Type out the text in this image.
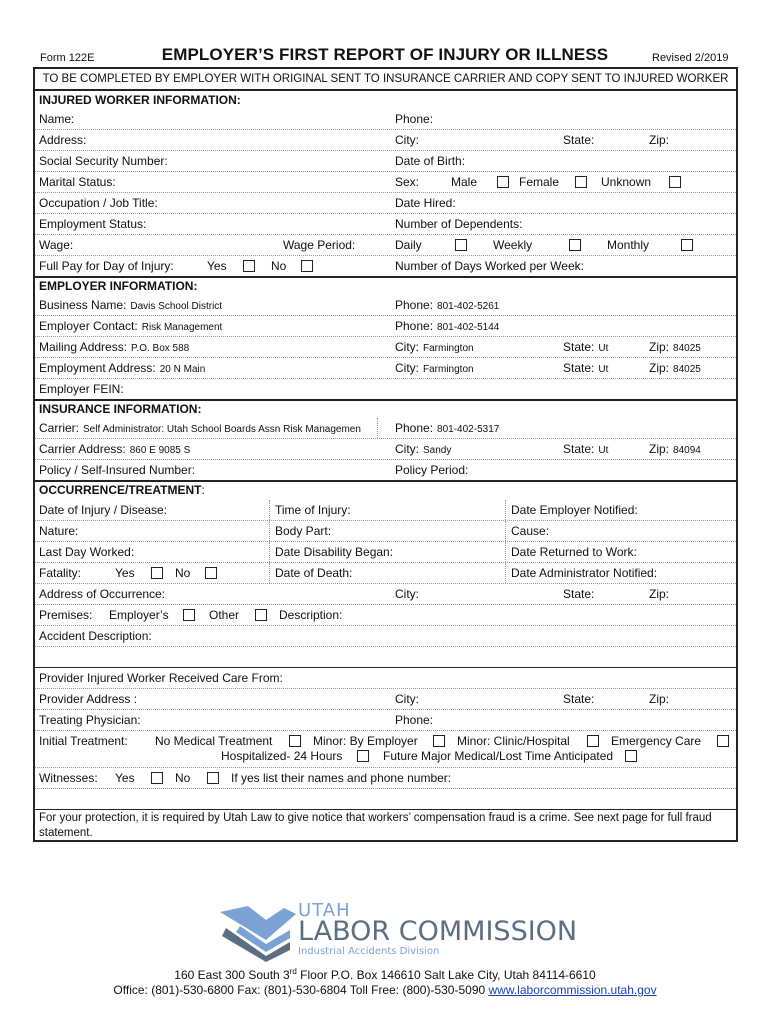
Form 122E	EMPLOYER’S FIRST REPORT OF INJURY OR ILLNESS	Revised 2/2019
TO BE COMPLETED BY EMPLOYER WITH ORIGINAL SENT TO INSURANCE CARRIER AND COPY SENT TO INJURED WORKER
INJURED WORKER INFORMATION:
Name:	Phone:
Address:	City:	State:	Zip:
Social Security Number:	Date of Birth:
Marital Status:	Sex:	Male	Female	Unknown
Occupation / Job Title:	Date Hired:
Employment Status:	Number of Dependents:
Wage:	Wage Period:	Daily	Weekly	Monthly
Full Pay for Day of Injury:	Yes	No	Number of Days Worked per Week:
EMPLOYER INFORMATION:
Business Name: Davis School District	Phone: 801-402-5261
Employer Contact: Risk Management	Phone: 801-402-5144
Mailing Address: P.O. Box 588	City: Farmington	State: Ut	Zip: 84025
Employment Address: 20 N Main	City: Farmington	State: Ut	Zip: 84025
Employer FEIN:
INSURANCE INFORMATION:
Carrier: Self Administrator: Utah School Boards Assn Risk Managemen	Phone: 801-402-5317
Carrier Address: 860 E 9085 S	City: Sandy	State: Ut	Zip: 84094
Policy / Self-Insured Number:	Policy Period:
OCCURRENCE/TREATMENT:
Date of Injury / Disease:	Time of Injury:	Date Employer Notified:
Nature:	Body Part:	Cause:
Last Day Worked:	Date Disability Began:	Date Returned to Work:
Fatality:	Yes	No	Date of Death:	Date Administrator Notified:
Address of Occurrence:	City:	State:	Zip:
Premises: Employer’s	Other	Description:
Accident Description:
Provider Injured Worker Received Care From:
Provider Address :	City:	State:	Zip:
Treating Physician:	Phone:
Initial Treatment: No Medical Treatment	Minor: By Employer	Minor: Clinic/Hospital	Emergency Care
Hospitalized- 24 Hours	Future Major Medical/Lost Time Anticipated
Witnesses: Yes	No	If yes list their names and phone number:
For your protection, it is required by Utah Law to give notice that workers’ compensation fraud is a crime. See next page for full fraud statement.
UTAH
LABOR COMMISSION
Industrial Accidents Division
160 East 300 South 3rd Floor P.O. Box 146610 Salt Lake City, Utah 84114-6610
Office: (801)-530-6800 Fax: (801)-530-6804 Toll Free: (800)-530-5090 www.laborcommission.utah.gov
